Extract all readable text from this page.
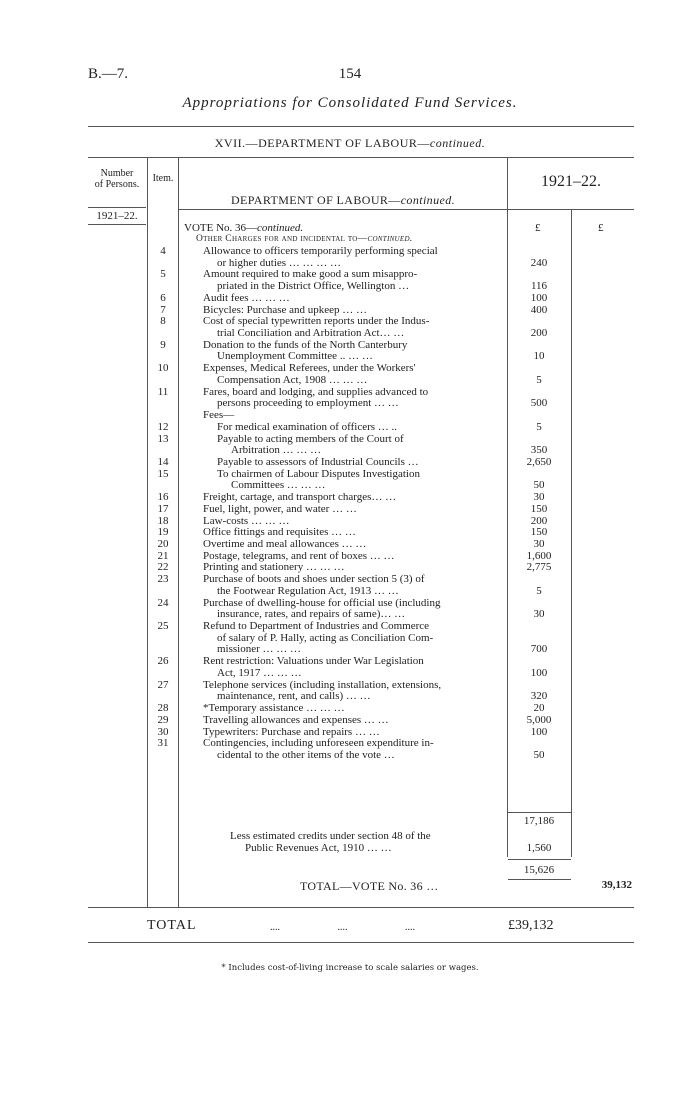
B.—7.	154
Appropriations for Consolidated Fund Services.
XVII.—DEPARTMENT OF LABOUR—continued.
Number
of Persons.
Item.	1921–22.
DEPARTMENT OF LABOUR—continued.
1921–22.
VOTE No. 36—continued.	£	£
Other Charges for and incidental to—continued.
4	Allowance to officers temporarily performing special
or higher duties … … … …	240
5	Amount required to make good a sum misappro-
priated in the District Office, Wellington …	116
6	Audit fees … … …	100
7	Bicycles: Purchase and upkeep … …	400
8	Cost of special typewritten reports under the Indus-
trial Conciliation and Arbitration Act… …	200
9	Donation to the funds of the North Canterbury
Unemployment Committee .. … …	10
10	Expenses, Medical Referees, under the Workers'
Compensation Act, 1908 … … …	5
11	Fares, board and lodging, and supplies advanced to
persons proceeding to employment … …	500
Fees—
12	For medical examination of officers … ..	5
13	Payable to acting members of the Court of
Arbitration … … …	350
14	Payable to assessors of Industrial Councils …	2,650
15	To chairmen of Labour Disputes Investigation
Committees … … …	50
16	Freight, cartage, and transport charges… …	30
17	Fuel, light, power, and water … …	150
18	Law-costs … … …	200
19	Office fittings and requisites … …	150
20	Overtime and meal allowances … …	30
21	Postage, telegrams, and rent of boxes … …	1,600
22	Printing and stationery … … …	2,775
23	Purchase of boots and shoes under section 5 (3) of
the Footwear Regulation Act, 1913 … …	5
24	Purchase of dwelling-house for official use (including
insurance, rates, and repairs of same)… …	30
25	Refund to Department of Industries and Commerce
of salary of P. Hally, acting as Conciliation Com-
missioner … … …	700
26	Rent restriction: Valuations under War Legislation
Act, 1917 … … …	100
27	Telephone services (including installation, extensions,
maintenance, rent, and calls) … …	320
28	*Temporary assistance … … …	20
29	Travelling allowances and expenses … …	5,000
30	Typewriters: Purchase and repairs … …	100
31	Contingencies, including unforeseen expenditure in-
cidental to the other items of the vote …	50
17,186
Less estimated credits under section 48 of the
Public Revenues Act, 1910 … …	1,560
15,626
TOTAL—VOTE No. 36 …	39,132
TOTAL	.... .... ....	£39,132
* Includes cost-of-living increase to scale salaries or wages.
